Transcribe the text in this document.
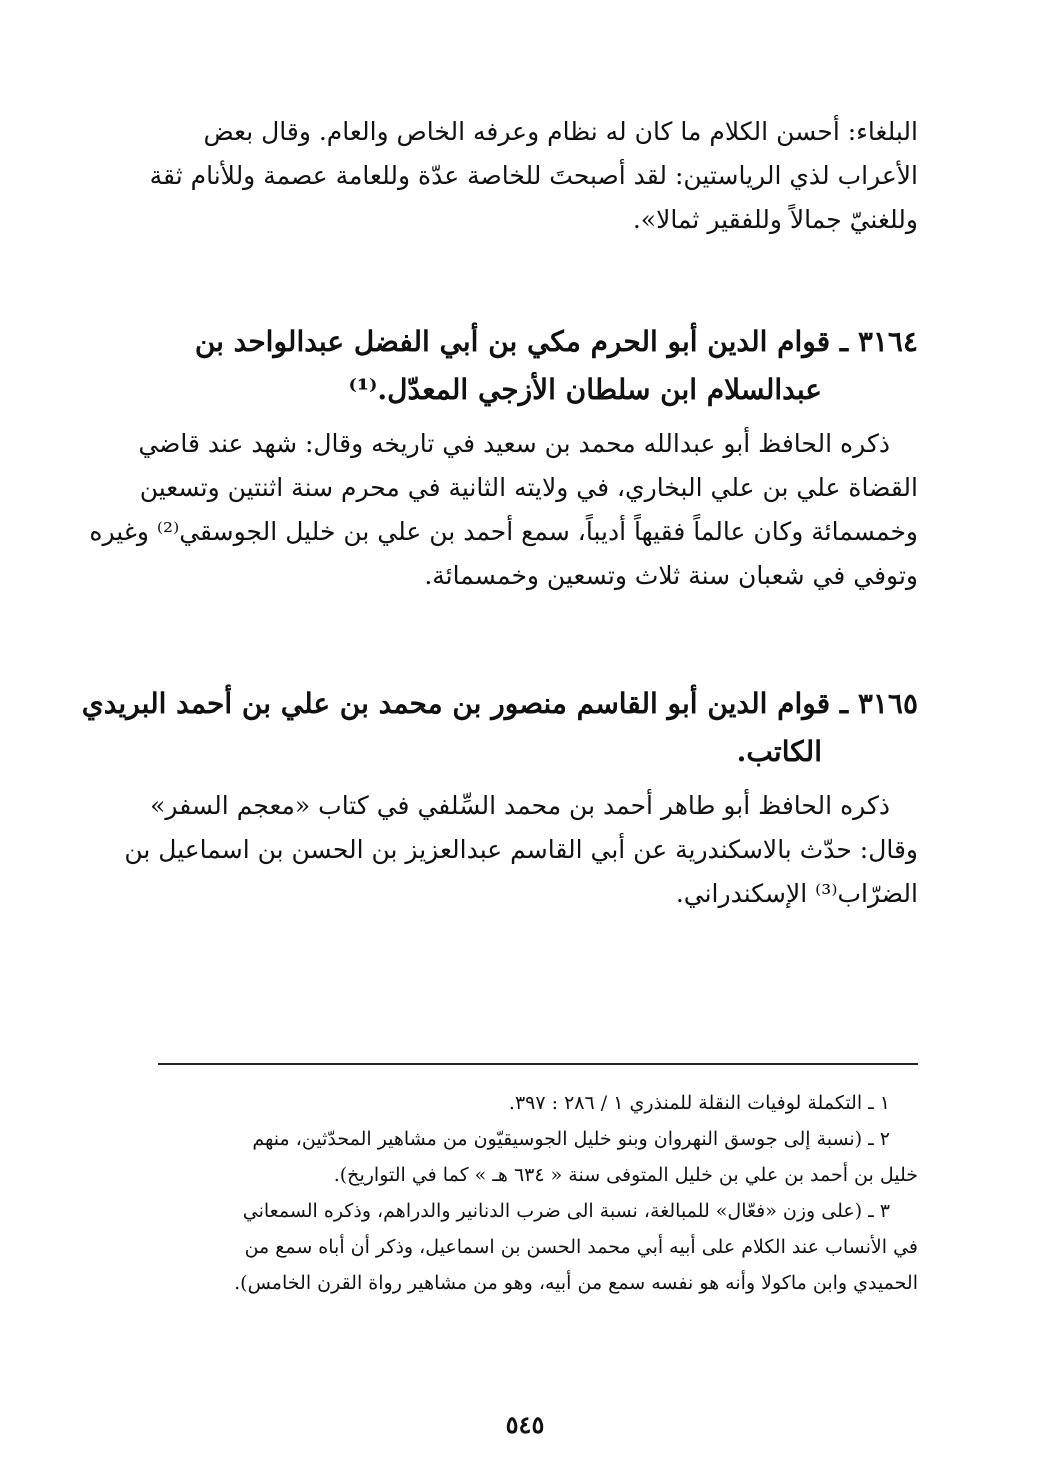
البلغاء: أحسن الكلام ما كان له نظام وعرفه الخاص والعام. وقال بعض
الأعراب لذي الرياستين: لقد أصبحتَ للخاصة عدّة وللعامة عصمة وللأنام ثقة
وللغنيّ جمالاً وللفقير ثمالا».
٣١٦٤ ـ قوام الدين أبو الحرم مكي بن أبي الفضل عبدالواحد بن
عبدالسلام ابن سلطان الأزجي المعدّل.⁽¹⁾
ذكره الحافظ أبو عبدالله محمد بن سعيد في تاريخه وقال: شهد عند قاضي
القضاة علي بن علي البخاري، في ولايته الثانية في محرم سنة اثنتين وتسعين
وخمسمائة وكان عالماً فقيهاً أديباً، سمع أحمد بن علي بن خليل الجوسقي⁽²⁾ وغيره
وتوفي في شعبان سنة ثلاث وتسعين وخمسمائة.
٣١٦٥ ـ قوام الدين أبو القاسم منصور بن محمد بن علي بن أحمد البريدي
الكاتب.
ذكره الحافظ أبو طاهر أحمد بن محمد السِّلفي في كتاب «معجم السفر»
وقال: حدّث بالاسكندرية عن أبي القاسم عبدالعزيز بن الحسن بن اسماعيل بن
الضرّاب⁽³⁾ الإسكندراني.
١ ـ التكملة لوفيات النقلة للمنذري ١ / ٢٨٦ : ٣٩٧.
٢ ـ (نسبة إلى جوسق النهروان وبنو خليل الجوسيقيّون من مشاهير المحدّثين، منهم
خليل بن أحمد بن علي بن خليل المتوفى سنة « ٦٣٤ هـ » كما في التواريخ).
٣ ـ (على وزن «فعّال» للمبالغة، نسبة الى ضرب الدنانير والدراهم، وذكره السمعاني
في الأنساب عند الكلام على أبيه أبي محمد الحسن بن اسماعيل، وذكر أن أباه سمع من
الحميدي وابن ماكولا وأنه هو نفسه سمع من أبيه، وهو من مشاهير رواة القرن الخامس).
٥٤٥
